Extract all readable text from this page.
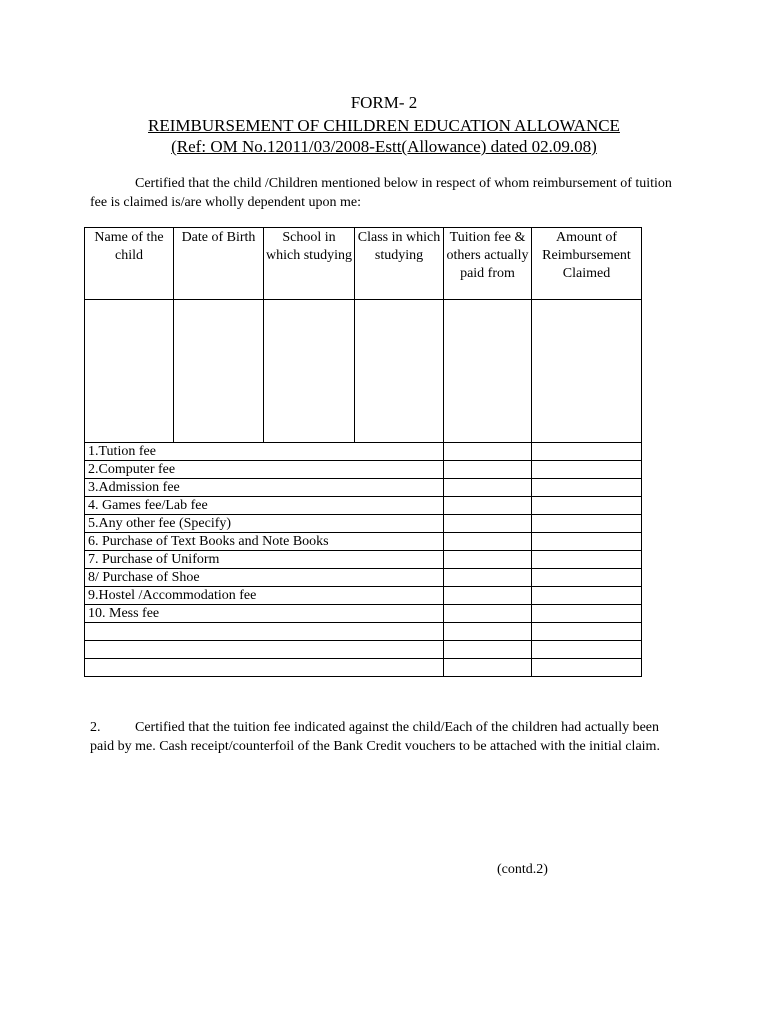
FORM- 2
REIMBURSEMENT OF CHILDREN EDUCATION ALLOWANCE
(Ref: OM No.12011/03/2008-Estt(Allowance) dated 02.09.08)
Certified that the child /Children mentioned below in respect of whom reimbursement of tuition fee is claimed is/are wholly dependent upon me:
Name of the child	Date of Birth	School in which studying	Class in which studying	Tuition fee & others actually paid from	Amount of Reimbursement Claimed

1.Tution fee					
2.Computer fee					
3.Admission fee					
4. Games fee/Lab fee					
5.Any other fee (Specify)					
6. Purchase of Text Books and Note Books					
7. Purchase of Uniform					
8/ Purchase of Shoe					
9.Hostel /Accommodation fee					
10. Mess fee					

2. Certified that the tuition fee indicated against the child/Each of the children had actually been paid by me. Cash receipt/counterfoil of the Bank Credit vouchers to be attached with the initial claim.
(contd.2)
